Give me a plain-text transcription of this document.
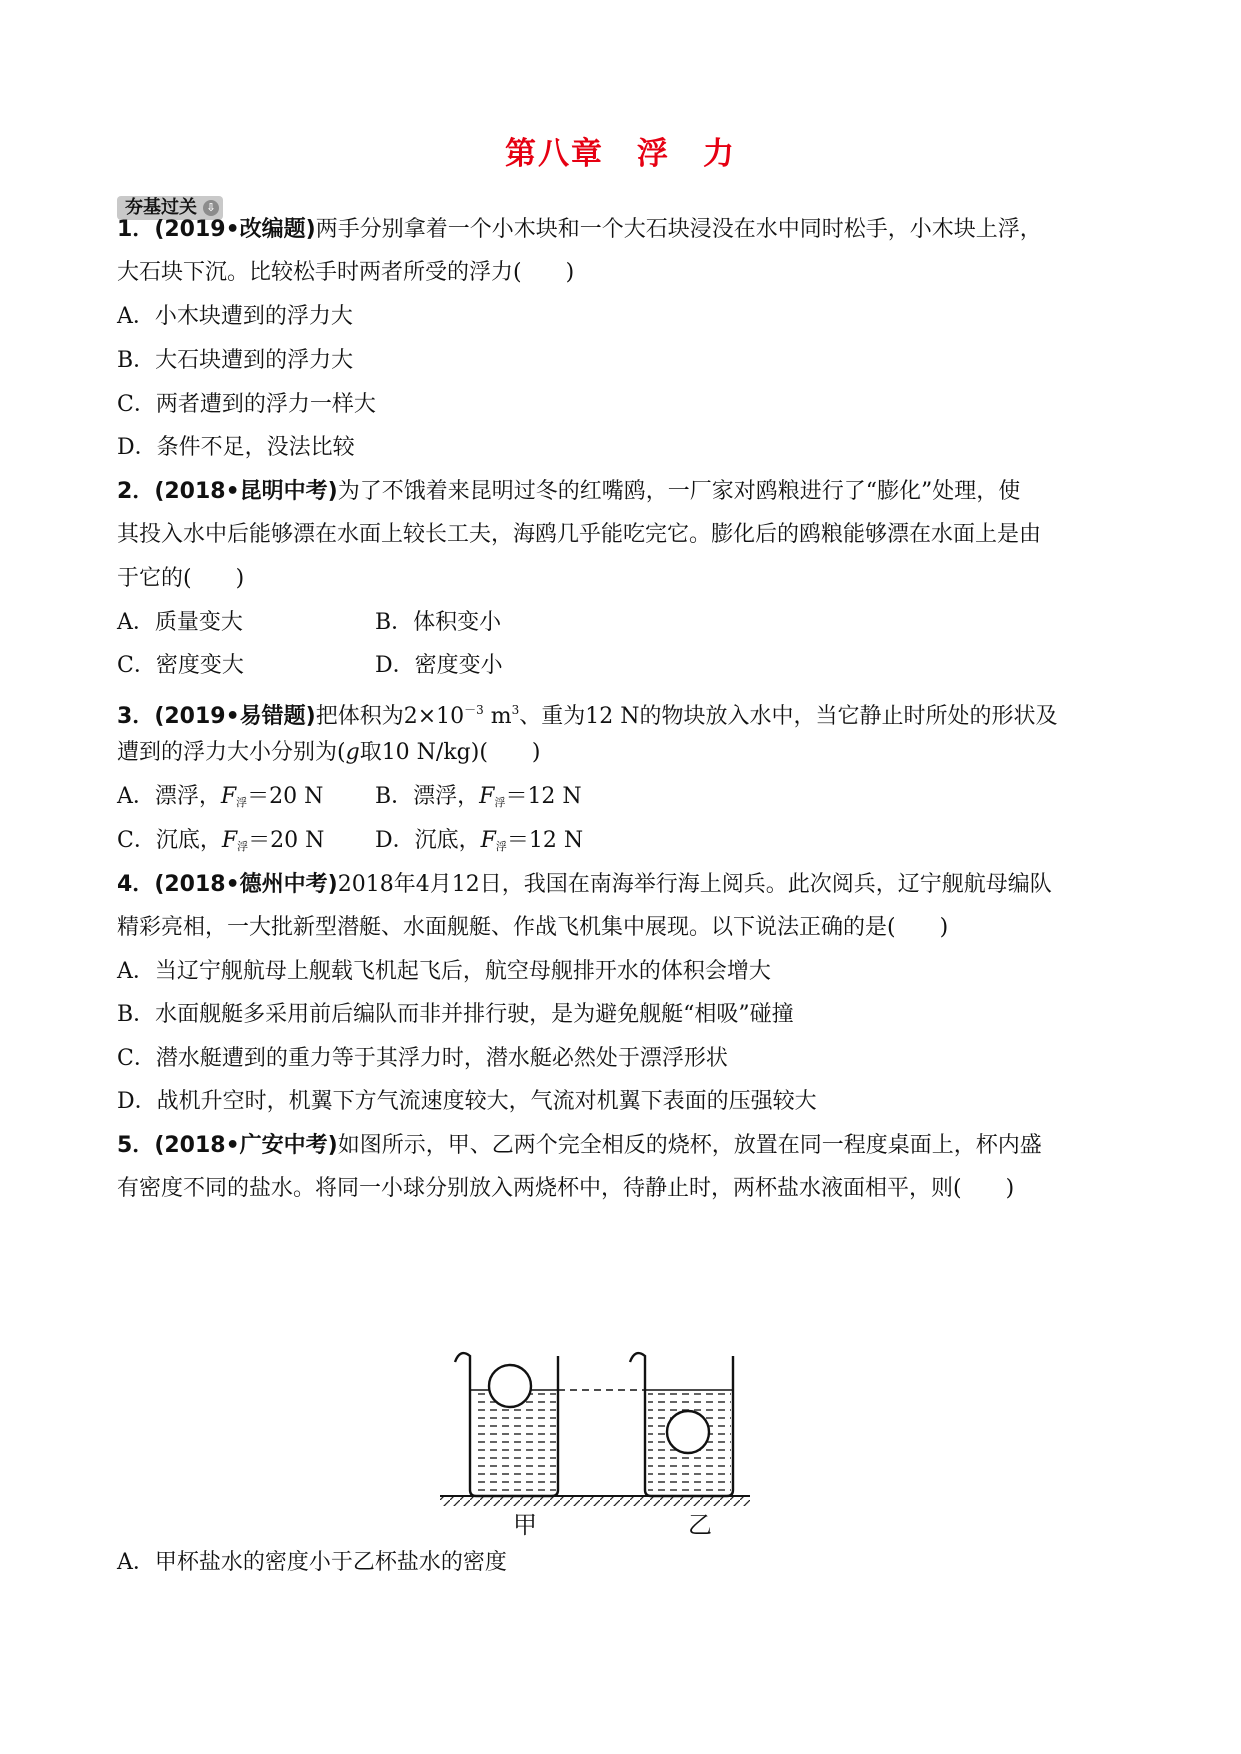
第八章　浮　力
夯基过关 ⇩
1．(2019•改编题)两手分别拿着一个小木块和一个大石块浸没在水中同时松手，小木块上浮，
大石块下沉。比较松手时两者所受的浮力(　　)
A．小木块遭到的浮力大
B．大石块遭到的浮力大
C．两者遭到的浮力一样大
D．条件不足，没法比较
2．(2018•昆明中考)为了不饿着来昆明过冬的红嘴鸥，一厂家对鸥粮进行了“膨化”处理，使
其投入水中后能够漂在水面上较长工夫，海鸥几乎能吃完它。膨化后的鸥粮能够漂在水面上是由
于它的(　　)
A．质量变大	B．体积变小
C．密度变大	D．密度变小
3．(2019•易错题)把体积为$2\times 10^{-3}$ $m^3$、重为12 N的物块放入水中，当它静止时所处的形状及
遭到的浮力大小分别为(g取10 N/kg)(　　)
A．漂浮，$F_浮=20$ N B．漂浮，$F_浮=12$ N
C．沉底，$F_浮=20$ N D．沉底，$F_浮=12$ N
4．(2018•德州中考)2018年4月12日，我国在南海举行海上阅兵。此次阅兵，辽宁舰航母编队
精彩亮相，一大批新型潜艇、水面舰艇、作战飞机集中展现。以下说法正确的是(　　)
A．当辽宁舰航母上舰载飞机起飞后，航空母舰排开水的体积会增大
B．水面舰艇多采用前后编队而非并排行驶，是为避免舰艇“相吸”碰撞
C．潜水艇遭到的重力等于其浮力时，潜水艇必然处于漂浮形状
D．战机升空时，机翼下方气流速度较大，气流对机翼下表面的压强较大
5．(2018•广安中考)如图所示，甲、乙两个完全相反的烧杯，放置在同一程度桌面上，杯内盛
有密度不同的盐水。将同一小球分别放入两烧杯中，待静止时，两杯盐水液面相平，则(　　)
甲	乙
A．甲杯盐水的密度小于乙杯盐水的密度
